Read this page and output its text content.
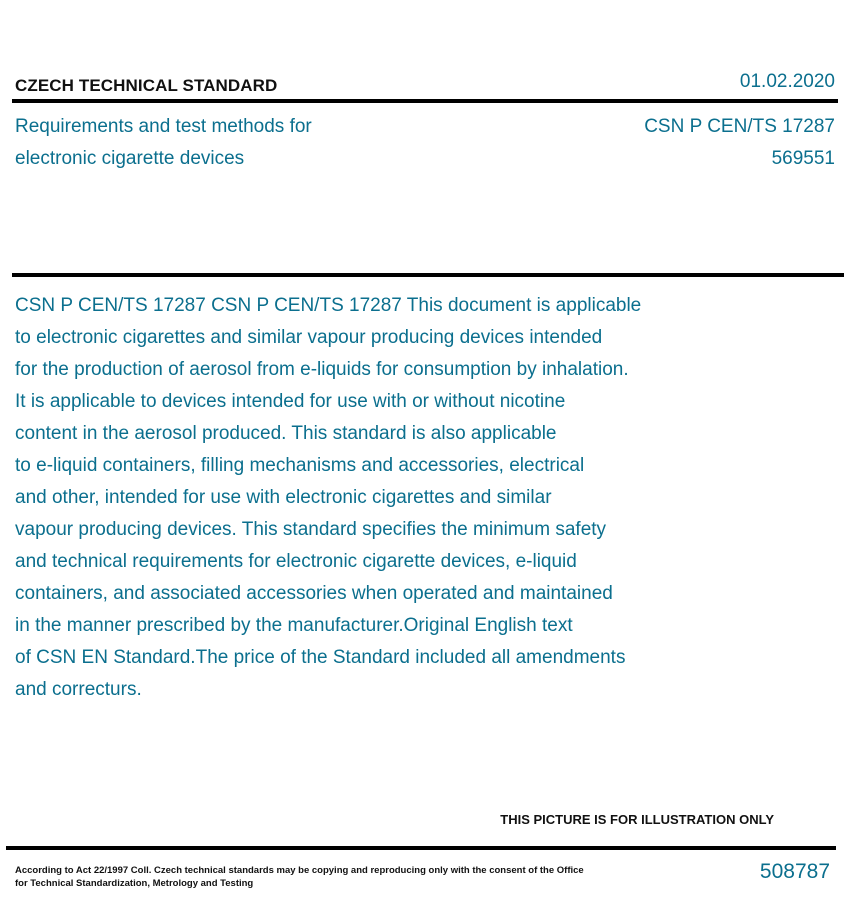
CZECH TECHNICAL STANDARD	01.02.2020
Requirements and test methods for
electronic cigarette devices
CSN P CEN/TS 17287
569551
CSN P CEN/TS 17287 CSN P CEN/TS 17287 This document is applicable
to electronic cigarettes and similar vapour producing devices intended
for the production of aerosol from e-liquids for consumption by inhalation.
It is applicable to devices intended for use with or without nicotine
content in the aerosol produced. This standard is also applicable
to e-liquid containers, filling mechanisms and accessories, electrical
and other, intended for use with electronic cigarettes and similar
vapour producing devices. This standard specifies the minimum safety
and technical requirements for electronic cigarette devices, e-liquid
containers, and associated accessories when operated and maintained
in the manner prescribed by the manufacturer.Original English text
of CSN EN Standard.The price of the Standard included all amendments
and correcturs.
THIS PICTURE IS FOR ILLUSTRATION ONLY
According to Act 22/1997 Coll. Czech technical standards may be copying and reproducing only with the consent of the Office
for Technical Standardization, Metrology and Testing
508787
